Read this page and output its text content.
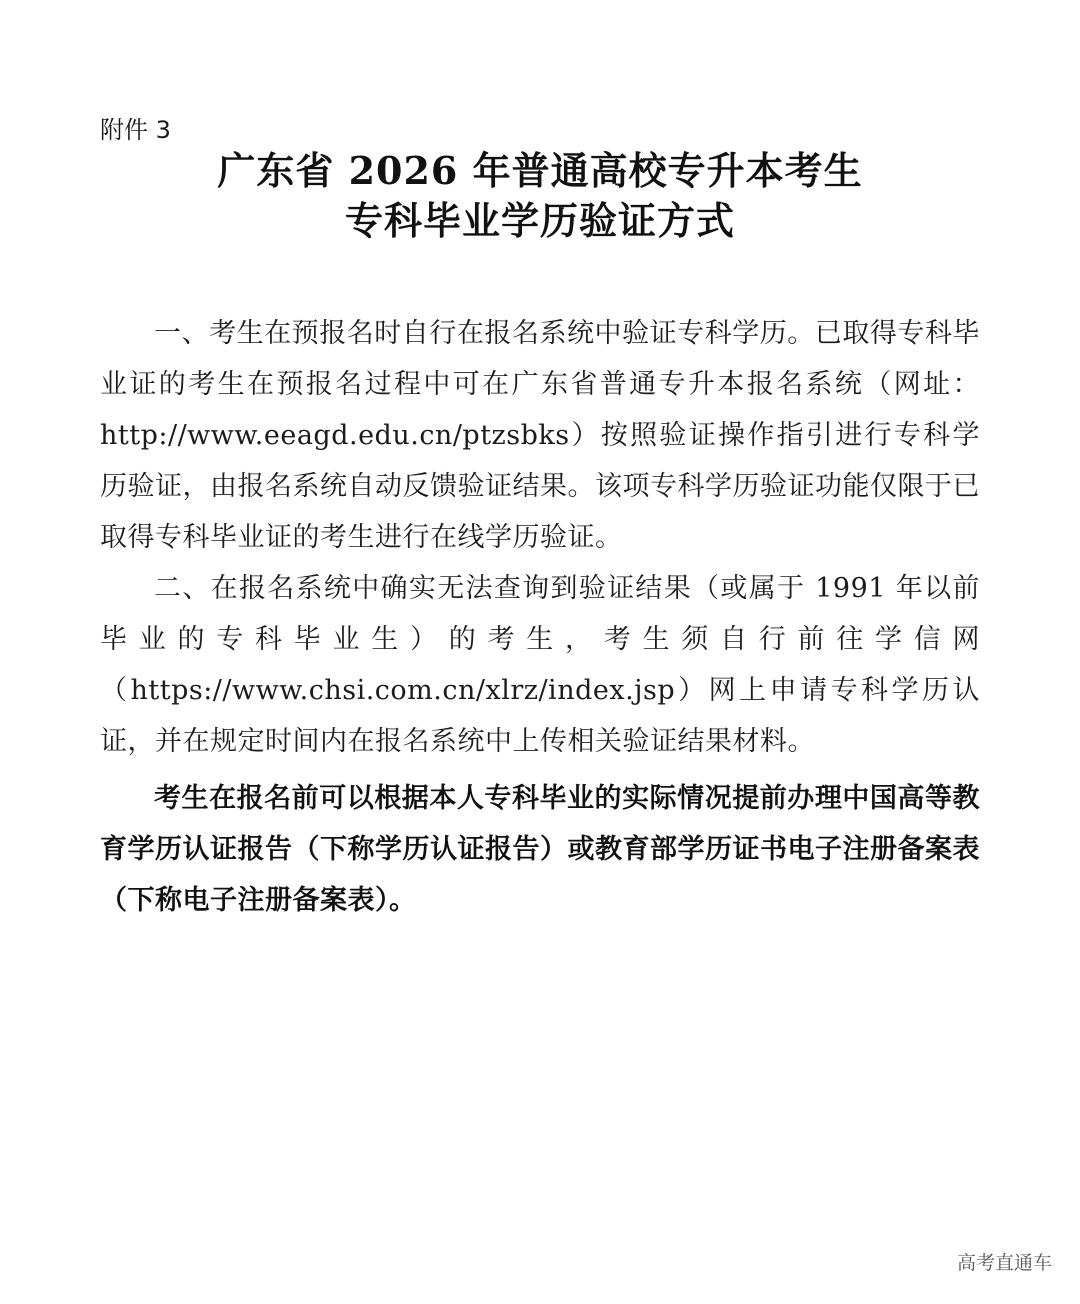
附件 3
广东省 2026 年普通高校专升本考生
专科毕业学历验证方式

一、考生在预报名时自行在报名系统中验证专科学历。已取得专科毕业证的考生在预报名过程中可在广东省普通专升本报名系统（网址：http://www.eeagd.edu.cn/ptzsbks）按照验证操作指引进行专科学历验证，由报名系统自动反馈验证结果。该项专科学历验证功能仅限于已取得专科毕业证的考生进行在线学历验证。

二、在报名系统中确实无法查询到验证结果（或属于 1991 年以前毕业的专科毕业生）的考生，考生须自行前往学信网（https://www.chsi.com.cn/xlrz/index.jsp）网上申请专科学历认证，并在规定时间内在报名系统中上传相关验证结果材料。

考生在报名前可以根据本人专科毕业的实际情况提前办理中国高等教育学历认证报告（下称学历认证报告）或教育部学历证书电子注册备案表（下称电子注册备案表）。

高考直通车
